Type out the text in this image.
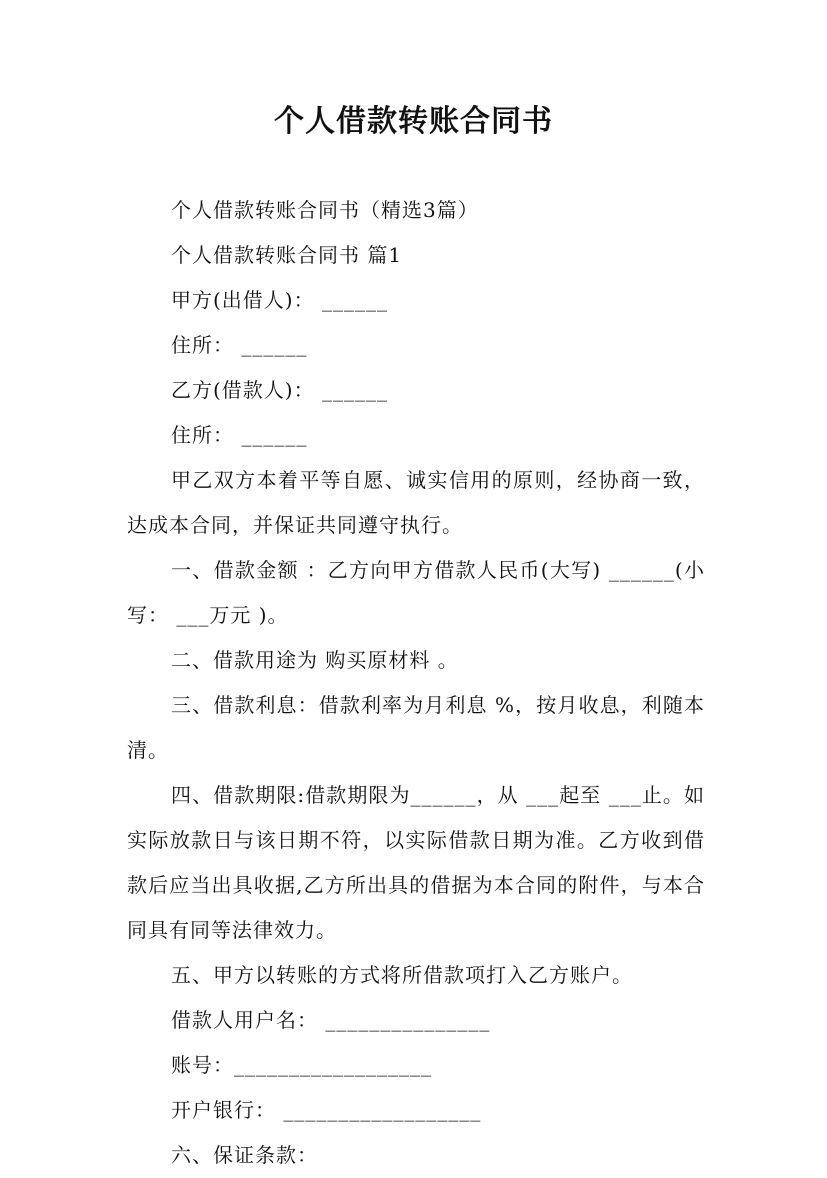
个人借款转账合同书

个人借款转账合同书（精选3篇）

个人借款转账合同书 篇1

甲方(出借人)： ______

住所： ______

乙方(借款人)： ______

住所： ______

甲乙双方本着平等自愿、诚实信用的原则，经协商一致，达成本合同，并保证共同遵守执行。

一、借款金额 ：乙方向甲方借款人民币(大写) ______(小写： ___万元 )。

二、借款用途为 购买原材料 。

三、借款利息：借款利率为月利息 %，按月收息，利随本清。

四、借款期限:借款期限为______，从 ___起至 ___止。如实际放款日与该日期不符，以实际借款日期为准。乙方收到借款后应当出具收据,乙方所出具的借据为本合同的附件，与本合同具有同等法律效力。

五、甲方以转账的方式将所借款项打入乙方账户。

借款人用户名： _______________

账号：__________________

开户银行： __________________

六、保证条款：
